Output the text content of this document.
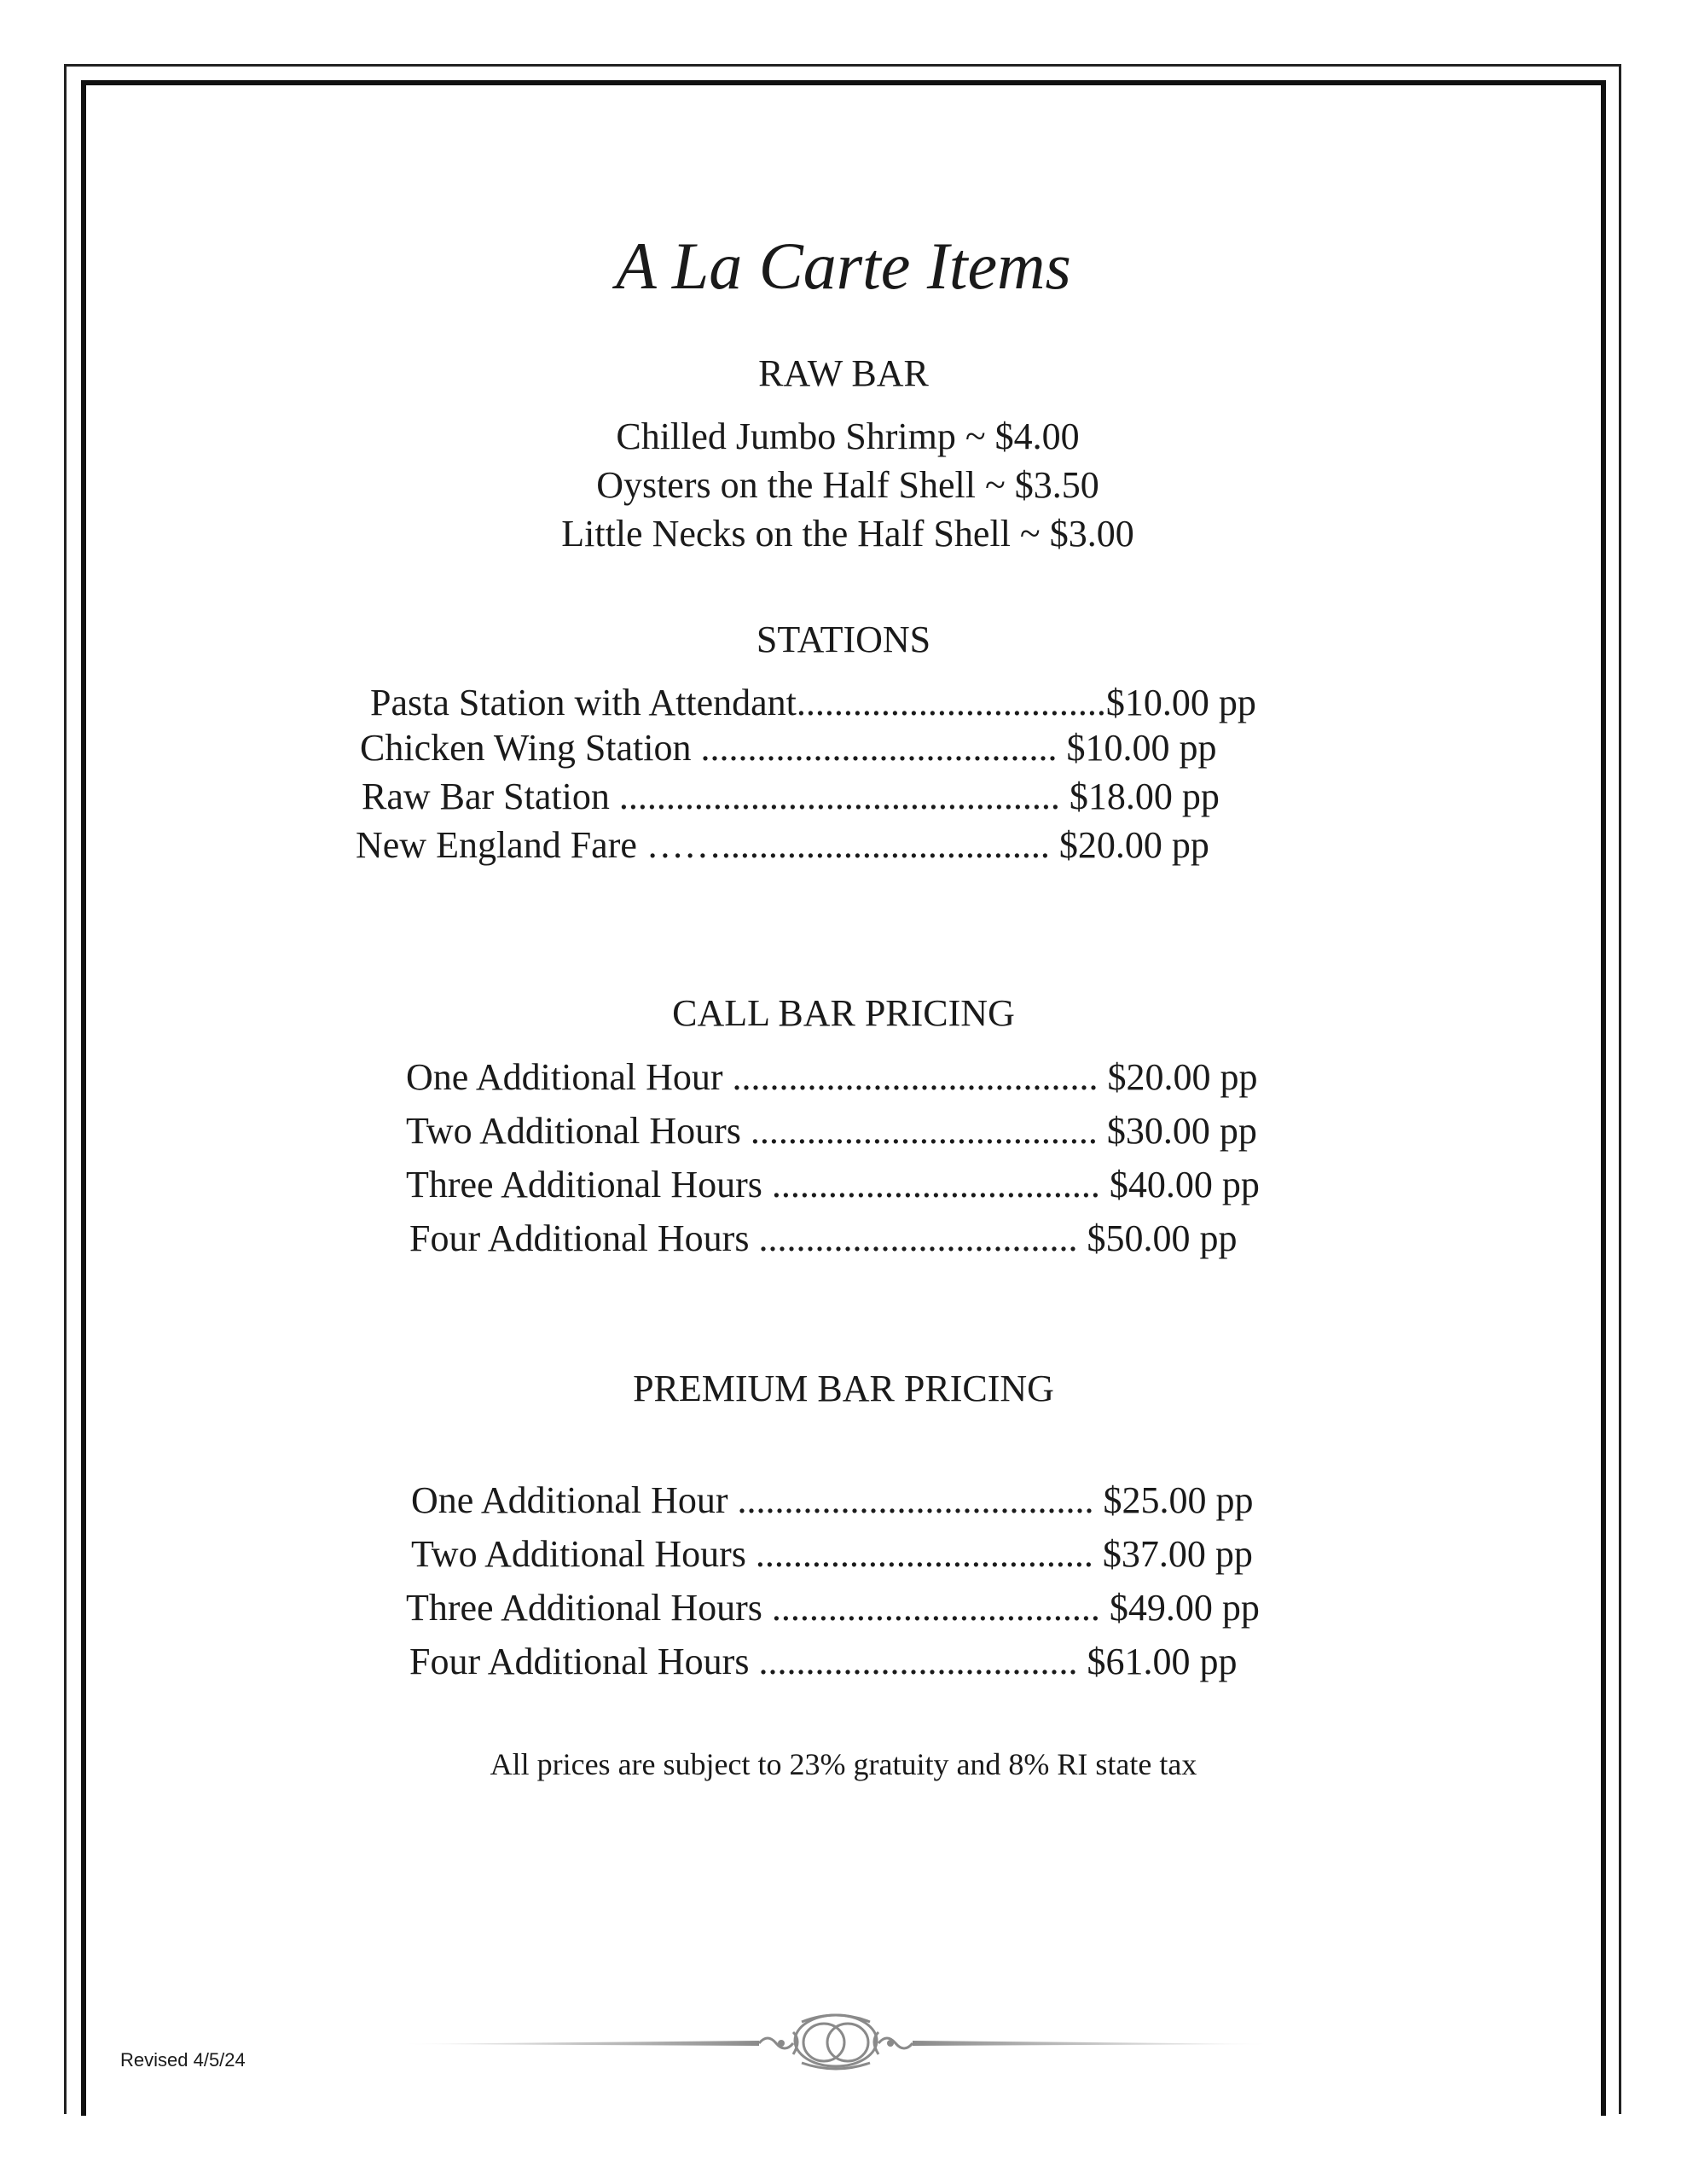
A La Carte Items
RAW BAR
Chilled Jumbo Shrimp ~ $4.00
Oysters on the Half Shell ~ $3.50
Little Necks on the Half Shell ~ $3.00
STATIONS
Pasta Station with Attendant.................................$10.00 pp
Chicken Wing Station ...................................... $10.00 pp
Raw Bar Station ............................................... $18.00 pp
New England Fare ……................................... $20.00 pp
CALL BAR PRICING
One Additional Hour ....................................... $20.00 pp
Two Additional Hours ..................................... $30.00 pp
Three Additional Hours ................................... $40.00 pp
Four Additional Hours .................................. $50.00 pp
PREMIUM BAR PRICING
One Additional Hour ...................................... $25.00 pp
Two Additional Hours .................................... $37.00 pp
Three Additional Hours ................................... $49.00 pp
Four Additional Hours .................................. $61.00 pp
All prices are subject to 23% gratuity and 8% RI state tax
Revised 4/5/24
